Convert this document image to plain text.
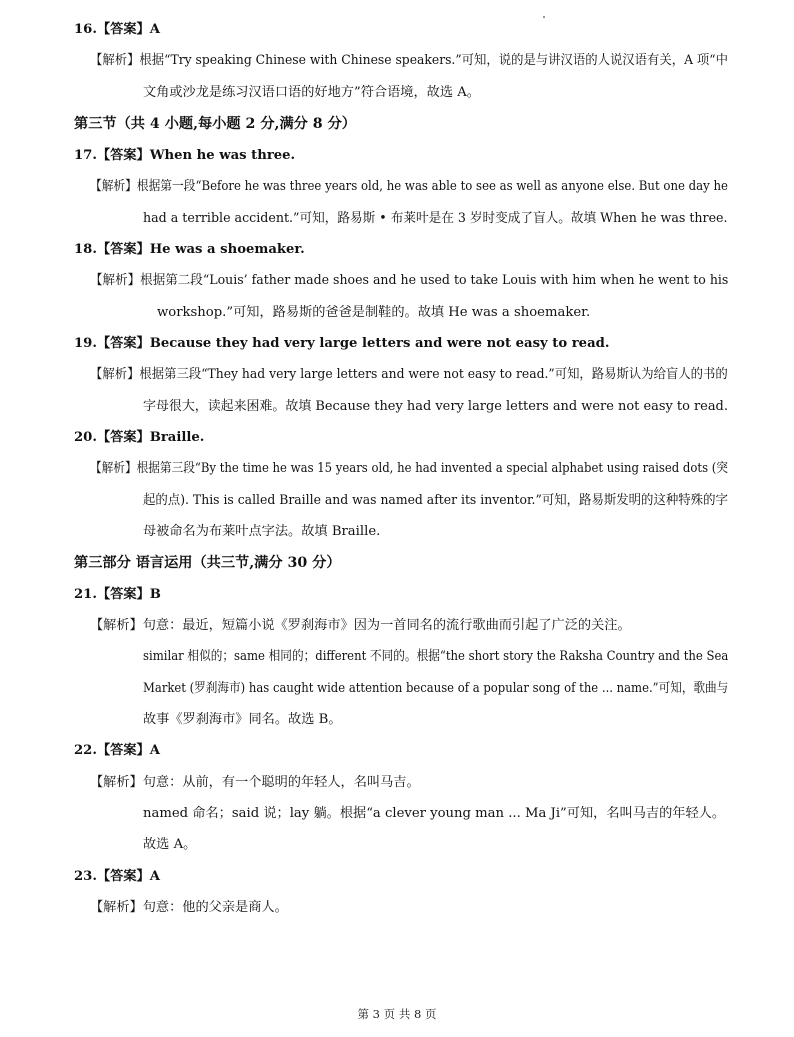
16.【答案】A
【解析】根据“Try speaking Chinese with Chinese speakers.”可知，说的是与讲汉语的人说汉语有关，A 项“中
文角或沙龙是练习汉语口语的好地方”符合语境，故选 A。
第三节（共 4 小题,每小题 2 分,满分 8 分）
17.【答案】When he was three.
【解析】根据第一段“Before he was three years old, he was able to see as well as anyone else. But one day he
had a terrible accident.”可知，路易斯 • 布莱叶是在 3 岁时变成了盲人。故填 When he was three.
18.【答案】He was a shoemaker.
【解析】根据第二段“Louis’ father made shoes and he used to take Louis with him when he went to his
workshop.”可知，路易斯的爸爸是制鞋的。故填 He was a shoemaker.
19.【答案】Because they had very large letters and were not easy to read.
【解析】根据第三段“They had very large letters and were not easy to read.”可知，路易斯认为给盲人的书的
字母很大，读起来困难。故填 Because they had very large letters and were not easy to read.
20.【答案】Braille.
【解析】根据第三段“By the time he was 15 years old, he had invented a special alphabet using raised dots (突
起的点). This is called Braille and was named after its inventor.”可知，路易斯发明的这种特殊的字
母被命名为布莱叶点字法。故填 Braille.
第三部分 语言运用（共三节,满分 30 分）
21.【答案】B
【解析】句意：最近，短篇小说《罗刹海市》因为一首同名的流行歌曲而引起了广泛的关注。
similar 相似的；same 相同的；different 不同的。根据“the short story the Raksha Country and the Sea
Market (罗刹海市) has caught wide attention because of a popular song of the ... name.”可知，歌曲与
故事《罗刹海市》同名。故选 B。
22.【答案】A
【解析】句意：从前，有一个聪明的年轻人，名叫马吉。
named 命名；said 说；lay 躺。根据“a clever young man ... Ma Ji”可知，名叫马吉的年轻人。
故选 A。
23.【答案】A
【解析】句意：他的父亲是商人。
第 3 页 共 8 页
